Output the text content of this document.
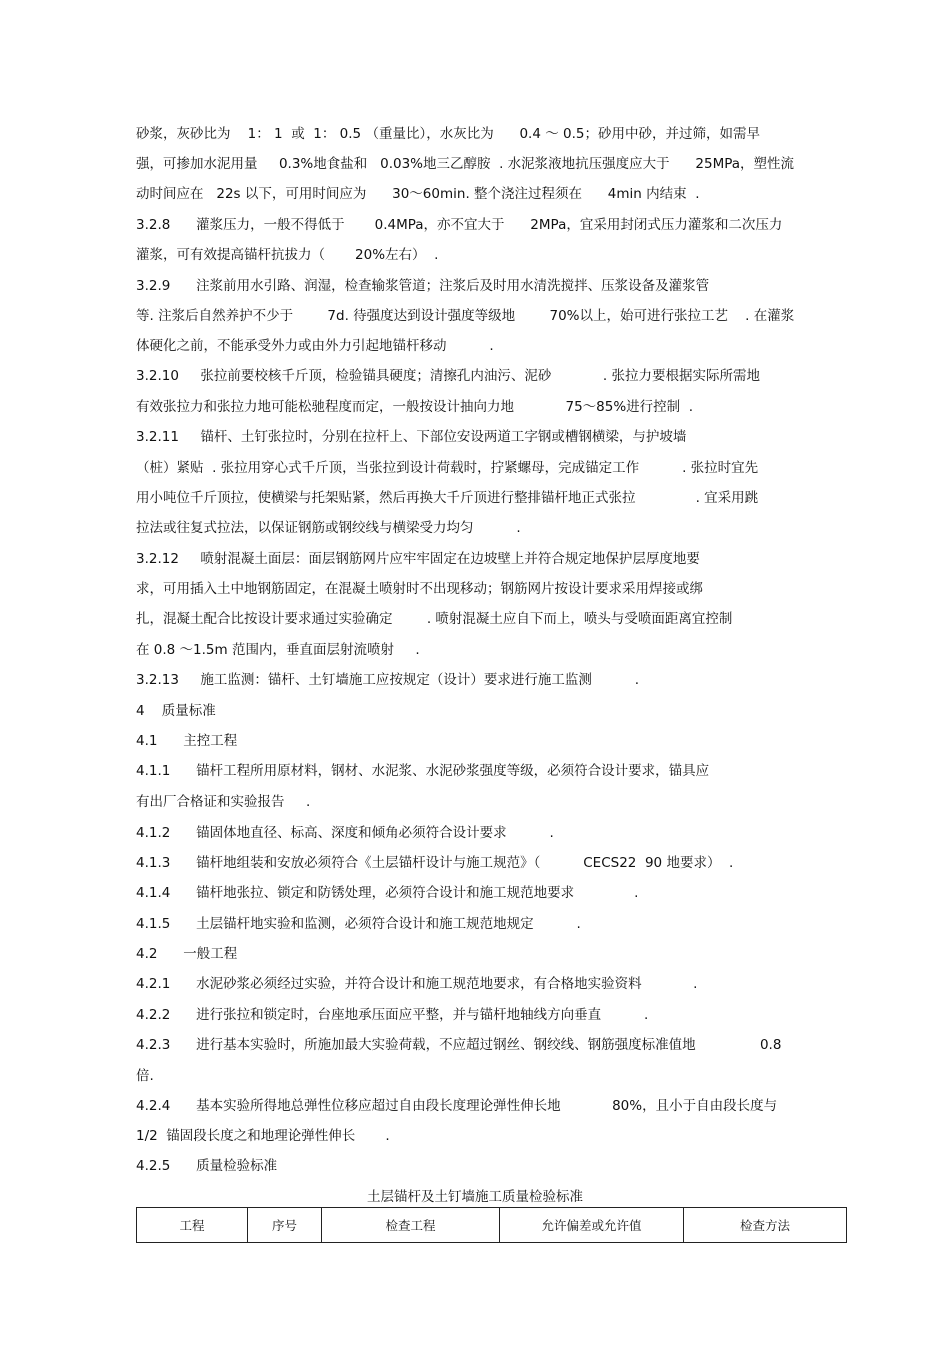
砂浆，灰砂比为    1： 1  或  1： 0.5 （重量比），水灰比为      0.4 ～ 0.5；砂用中砂，并过筛，如需早
强，可掺加水泥用量     0.3%地食盐和   0.03%地三乙醇胺  . 水泥浆液地抗压强度应大于      25MPa，塑性流
动时间应在   22s 以下，可用时间应为      30～60min. 整个浇注过程须在      4min 内结束  .
3.2.8      灌浆压力，一般不得低于       0.4MPa，亦不宜大于      2MPa，宜采用封闭式压力灌浆和二次压力
灌浆，可有效提高锚杆抗拔力（       20%左右）  .
3.2.9      注浆前用水引路、润湿，检查输浆管道；注浆后及时用水清洗搅拌、压浆设备及灌浆管
等. 注浆后自然养护不少于        7d. 待强度达到设计强度等级地        70%以上，始可进行张拉工艺    . 在灌浆
体硬化之前，不能承受外力或由外力引起地锚杆移动          .
3.2.10     张拉前要校核千斤顶，检验锚具硬度；清擦孔内油污、泥砂            . 张拉力要根据实际所需地
有效张拉力和张拉力地可能松驰程度而定，一般按设计抽向力地            75～85%进行控制  .
3.2.11     锚杆、土钉张拉时，分别在拉杆上、下部位安设两道工字钢或槽钢横梁，与护坡墙
（桩）紧贴  . 张拉用穿心式千斤顶，当张拉到设计荷载时，拧紧螺母，完成锚定工作          . 张拉时宜先
用小吨位千斤顶拉，使横梁与托架贴紧，然后再换大千斤顶进行整排锚杆地正式张拉              . 宜采用跳
拉法或往复式拉法，以保证钢筋或钢绞线与横梁受力均匀          .
3.2.12     喷射混凝土面层：面层钢筋网片应牢牢固定在边坡壁上并符合规定地保护层厚度地要
求，可用插入土中地钢筋固定，在混凝土喷射时不出现移动；钢筋网片按设计要求采用焊接或绑
扎，混凝土配合比按设计要求通过实验确定        . 喷射混凝土应自下而上，喷头与受喷面距离宜控制
在 0.8 ～1.5m 范围内，垂直面层射流喷射     .
3.2.13     施工监测：锚杆、土钉墙施工应按规定（设计）要求进行施工监测          .
4    质量标准
4.1      主控工程
4.1.1      锚杆工程所用原材料，钢材、水泥浆、水泥砂浆强度等级，必须符合设计要求，锚具应
有出厂合格证和实验报告     .
4.1.2      锚固体地直径、标高、深度和倾角必须符合设计要求          .
4.1.3      锚杆地组装和安放必须符合《土层锚杆设计与施工规范》（          CECS22  90 地要求）  .
4.1.4      锚杆地张拉、锁定和防锈处理，必须符合设计和施工规范地要求              .
4.1.5      土层锚杆地实验和监测，必须符合设计和施工规范地规定          .
4.2      一般工程
4.2.1      水泥砂浆必须经过实验，并符合设计和施工规范地要求，有合格地实验资料            .
4.2.2      进行张拉和锁定时，台座地承压面应平整，并与锚杆地轴线方向垂直          .
4.2.3      进行基本实验时，所施加最大实验荷载，不应超过钢丝、钢绞线、钢筋强度标准值地               0.8
倍.
4.2.4      基本实验所得地总弹性位移应超过自由段长度理论弹性伸长地            80%，且小于自由段长度与
1/2  锚固段长度之和地理论弹性伸长       .
4.2.5      质量检验标准
土层锚杆及土钉墙施工质量检验标准
工程	序号	检查工程	允许偏差或允许值	检查方法
